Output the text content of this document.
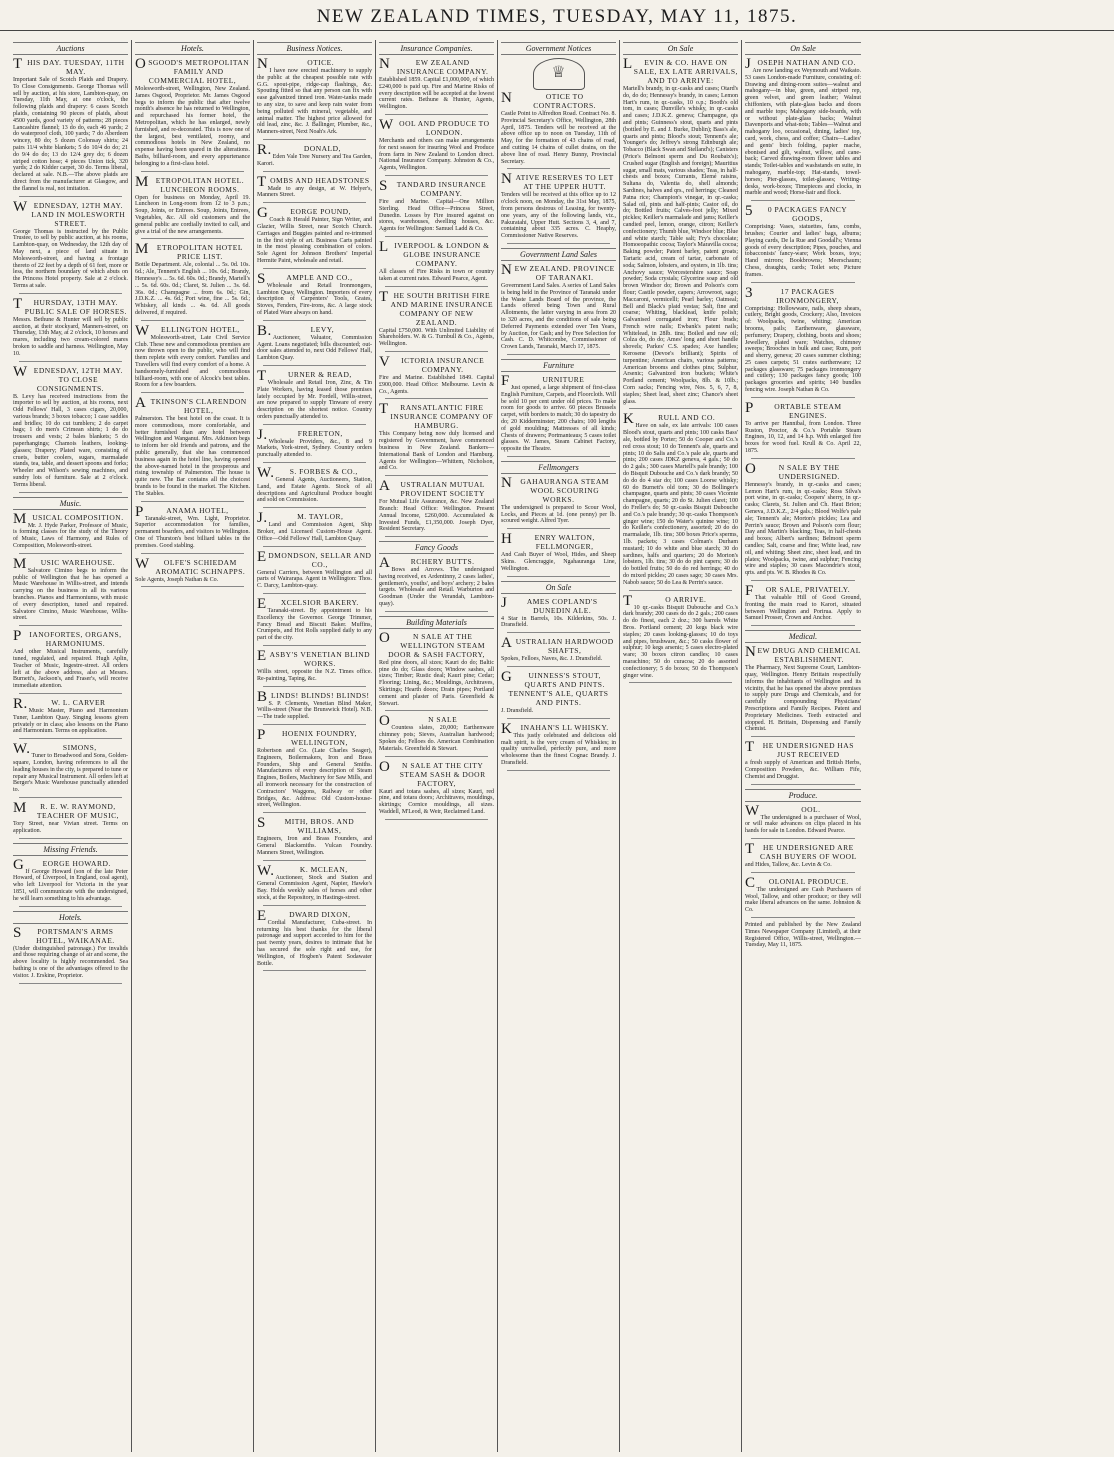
NEW ZEALAND TIMES, TUESDAY, MAY 11, 1875.
Auctions
THIS DAY. TUESDAY, 11TH MAY.
Important Sale of Scotch Plaids and Drapery. To Close Consignments. George Thomas will sell by auction, at his store, Lambton-quay, on Tuesday, 11th May, at one o'clock, the following plaids and drapery: 6 cases Scotch plaids, containing 90 pieces of plaids, about 4500 yards, good variety of patterns; 28 pieces Lancashire flannel; 13 do do, each 46 yards; 2 do waterproof cloth, 100 yards; 7 do Aberdeen wincey, 80 do; 5 dozen Colonsay shirts; 24 pairs 11/4 white blankets; 5 do 10/4 do do; 21 do 9/4 do do; 13 do 12/4 grey do; 6 dozen striped cotton hose; 4 pieces Union tick, 320 yards; 2 do Kidder carpet, 30 do. Terms liberal, declared at sale. N.B.—The above plaids are direct from the manufacturer at Glasgow, and the flannel is real, not imitation.
WEDNESDAY, 12TH MAY. LAND IN MOLESWORTH STREET.
George Thomas is instructed by the Public Trustee, to sell by public auction, at his rooms, Lambton-quay, on Wednesday, the 12th day of May next, a piece of land situate in Molesworth-street, and having a frontage thereto of 22 feet by a depth of 61 feet, more or less, the northern boundary of which abuts on the Princess Hotel property. Sale at 2 o'clock. Terms at sale.
THURSDAY, 13TH MAY. PUBLIC SALE OF HORSES.
Messrs. Bethune & Hunter will sell by public auction, at their stockyard, Manners-street, on Thursday, 13th May, at 2 o'clock, 10 horses and mares, including two cream-colored mares broken to saddle and harness. Wellington, May 10.
WEDNESDAY, 12TH MAY. TO CLOSE CONSIGNMENTS.
B. Levy has received instructions from the importer to sell by auction, at his rooms, next Odd Fellows' Hall, 3 cases cigars, 20,000, various brands; 3 boxes tobacco; 1 case saddles and bridles; 10 do cut tumblers; 2 do carpet bags; 1 do men's Crimean shirts; 1 do do trousers and vests; 2 bales blankets; 5 do paperhangings; Chamois leathers, looking-glasses; Drapery; Plated ware, consisting of cruets, butter coolers, sugars, marmalade stands, tea, table, and dessert spoons and forks; Wheeler and Wilson's sewing machines, and sundry lots of furniture. Sale at 2 o'clock. Terms liberal.
Music.
MUSICAL COMPOSITION.
Mr. J. Hyde Parker, Professor of Music, is forming classes for the study of the Theory of Music, Laws of Harmony, and Rules of Composition, Molesworth-street.
MUSIC WAREHOUSE.
Salvatore Cimino begs to inform the public of Wellington that he has opened a Music Warehouse in Willis-street, and intends carrying on the business in all its various branches. Pianos and Harmoniums, with music of every description, tuned and repaired. Salvatore Cimino, Music Warehouse, Willis-street.
PIANOFORTES, ORGANS, HARMONIUMS.
And other Musical Instruments, carefully tuned, regulated, and repaired. Hugh Aplin, Teacher of Music, Ingestre-street. All orders left at the above address, also at Messrs. Burnett's, Jackson's, and Fraser's, will receive immediate attention.
R.W. L. CARVER
Music Master, Piano and Harmonium Tuner, Lambton Quay. Singing lessons given privately or in class; also lessons on the Piano and Harmonium. Terms on application.
W.SIMONS,
Tuner to Broadwood and Sons, Golden-square, London, having references to all the leading houses in the city, is prepared to tune or repair any Musical Instrument. All orders left at Berger's Music Warehouse punctually attended to.
MR. E. W. RAYMOND, TEACHER OF MUSIC,
Tory Street, near Vivian street. Terms on application.
Missing Friends.
GEORGE HOWARD.
If George Howard (son of the late Peter Howard, of Liverpool, in England, coal agent), who left Liverpool for Victoria in the year 1851, will communicate with the undersigned, he will learn something to his advantage.
Hotels.
SPORTSMAN'S ARMS HOTEL, WAIKANAE.
(Under distinguished patronage.) For invalids and those requiring change of air and scene, the above locality is highly recommended. Sea bathing is one of the advantages offered to the visitor. J. Erskine, Proprietor.
Hotels.
OSGOOD'S METROPOLITAN FAMILY AND COMMERCIAL HOTEL,
Molesworth-street, Wellington, New Zealand. James Osgood, Proprietor. Mr. James Osgood begs to inform the public that after twelve month's absence he has returned to Wellington, and repurchased his former hotel, the Metropolitan, which he has enlarged, newly furnished, and re-decorated. This is now one of the largest, best ventilated, roomy, and commodious hotels in New Zealand, no expense having been spared in the alterations. Baths, billiard-room, and every appurtenance belonging to a first-class hotel.
METROPOLITAN HOTEL. LUNCHEON ROOMS.
Open for business on Monday, April 19. Luncheon in Long-room from 12 to 3 p.m.; Soup, Joints, or Entrees. Soup, Joints, Entrees, Vegetables, &c. All old customers and the general public are cordially invited to call, and give a trial of the new arrangements.
METROPOLITAN HOTEL PRICE LIST.
Bottle Department. Ale, colonial ... 5s. 0d. 10s. 6d.; Ale, Tennent's English ... 10s. 6d.; Brandy, Hennessy's ... 5s. 6d. 60s. 0d.; Brandy, Martell's ... 5s. 6d. 60s. 0d.; Claret, St. Julien ... 3s. 6d. 36s. 0d.; Champagne ... from 6s. 0d.; Gin, J.D.K.Z. ... 4s. 6d.; Port wine, fine ... 5s. 6d.; Whiskey, all kinds ... 4s. 6d. All goods delivered, if required.
WELLINGTON HOTEL,
Molesworth-street, Late Civil Service Club. These new and commodious premises are now thrown open to the public, who will find them replete with every comfort. Families and Travellers will find every comfort of a home. A handsomely-furnished and commodious billiard-room, with one of Alcock's best tables. Room for a few boarders.
ATKINSON'S CLARENDON HOTEL,
Palmerston. The best hotel on the coast. It is more commodious, more comfortable, and better furnished than any hotel between Wellington and Wanganui. Mrs. Atkinson begs to inform her old friends and patrons, and the public generally, that she has commenced business again in the hotel line, having opened the above-named hotel in the prosperous and rising township of Palmerston. The house is quite new. The Bar contains all the choicest brands to be found in the market. The Kitchen. The Stables.
PANAMA HOTEL,
Taranaki-street, Wm. Light, Proprietor. Superior accommodation for families, permanent boarders, and visitors to Wellington. One of Thurston's best billiard tables in the premises. Good stabling.
WOLFE'S SCHIEDAM AROMATIC SCHNAPPS.
Sole Agents, Joseph Nathan & Co.
Business Notices.
NOTICE.
I have now erected machinery to supply the public at the cheapest possible rate with G.G. spout-pipe, ridge-cap flashings, &c. Spouting fitted so that any person can fix with ease galvanized tinned iron. Water-tanks made to any size, to save and keep rain water from being polluted with mineral, vegetable, and animal matter. The highest price allowed for old lead, zinc, &c. J. Ballinger, Plumber, &c., Manners-street, Next Noah's Ark.
R.DONALD,
Eden Vale Tree Nursery and Tea Garden, Karori.
TOMBS AND HEADSTONES
Made to any design, at W. Helyer's, Manners Street.
GEORGE POUND,
Coach & Herald Painter, Sign Writer, and Glazier, Willis Street, near Scotch Church. Carriages and Buggies painted and re-trimmed in the first style of art. Business Carts painted in the most pleasing combination of colors. Sole Agent for Johnson Brothers' Imperial Hermite Paint, wholesale and retail.
SAMPLE AND CO.,
Wholesale and Retail Ironmongers, Lambton Quay, Wellington. Importers of every description of Carpenters' Tools, Grates, Stoves, Fenders, Fire-irons, &c. A large stock of Plated Ware always on hand.
B.LEVY,
Auctioneer, Valuator, Commission Agent. Loans negotiated; bills discounted; out-door sales attended to, next Odd Fellows' Hall, Lambton Quay.
TURNER & READ,
Wholesale and Retail Iron, Zinc, & Tin Plate Workers, having leased those premises lately occupied by Mr. Fordell, Willis-street, are now prepared to supply Tinware of every description on the shortest notice. Country orders punctually attended to.
J.FRERETON,
Wholesale Providers, &c., 8 and 9 Markets, York-street, Sydney. Country orders punctually attended to.
W.S. FORBES & CO.,
General Agents, Auctioneers, Station, Land, and Estate Agents. Stock of all descriptions and Agricultural Produce bought and sold on Commission.
J.M. TAYLOR,
Land and Commission Agent, Ship Broker, and Licensed Custom-House Agent. Office—Odd Fellows' Hall, Lambton Quay.
EDMONDSON, SELLAR AND CO.,
General Carriers, between Wellington and all parts of Wairarapa. Agent in Wellington: Thos. C. Darcy, Lambton-quay.
EXCELSIOR BAKERY.
Taranaki-street. By appointment to his Excellency the Governor. George Trimmer, Fancy Bread and Biscuit Baker. Muffins, Crumpets, and Hot Rolls supplied daily to any part of the city.
EASBY'S VENETIAN BLIND WORKS.
Willis street, opposite the N.Z. Times office. Re-painting, Taping, &c.
BLINDS! BLINDS! BLINDS!
S. P. Clements, Venetian Blind Maker, Willis-street (Near the Brunswick Hotel). N.B.—The trade supplied.
PHOENIX FOUNDRY, WELLINGTON,
Robertson and Co. (Late Charles Seager), Engineers, Boilermakers, Iron and Brass Founders, Ship and General Smiths. Manufacturers of every description of Steam Engines, Boilers, Machinery for Saw Mills, and all ironwork necessary for the construction of Contractors' Waggons, Railway or other Bridges, &c. Address: Old Custom-house-street, Wellington.
SMITH, BROS. AND WILLIAMS,
Engineers, Iron and Brass Founders, and General Blacksmiths. Vulcan Foundry. Manners Street, Wellington.
W.K. MCLEAN,
Auctioneer, Stock and Station and General Commission Agent, Napier, Hawke's Bay. Holds weekly sales of horses and other stock, at the Repository, in Hastings-street.
EDWARD DIXON,
Cordial Manufacturer, Cuba-street. In returning his best thanks for the liberal patronage and support accorded to him for the past twenty years, desires to intimate that he has secured the sole right and use, for Wellington, of Hogben's Patent Sodawater Bottle.
Insurance Companies.
NEW ZEALAND INSURANCE COMPANY.
Established 1859. Capital £1,000,000, of which £240,000 is paid up. Fire and Marine Risks of every description will be accepted at the lowest current rates. Bethune & Hunter, Agents, Wellington.
WOOL AND PRODUCE TO LONDON.
Merchants and others can make arrangements for next season for insuring Wool and Produce from farm in New Zealand to London direct. National Insurance Company. Johnston & Co., Agents, Wellington.
STANDARD INSURANCE COMPANY.
Fire and Marine. Capital—One Million Sterling. Head Office—Princess Street, Dunedin. Losses by Fire insured against on stores, warehouses, dwelling houses, &c. Agents for Wellington: Samuel Ladd & Co.
LIVERPOOL & LONDON & GLOBE INSURANCE COMPANY.
All classes of Fire Risks in town or country taken at current rates. Edward Pearce, Agent.
THE SOUTH BRITISH FIRE AND MARINE INSURANCE COMPANY OF NEW ZEALAND.
Capital £750,000. With Unlimited Liability of Shareholders. W. & G. Turnbull & Co., Agents, Wellington.
VICTORIA INSURANCE COMPANY.
Fire and Marine. Established 1849. Capital £900,000. Head Office: Melbourne. Levin & Co., Agents.
TRANSATLANTIC FIRE INSURANCE COMPANY OF HAMBURG.
This Company being now duly licensed and registered by Government, have commenced business in New Zealand. Bankers—International Bank of London and Hamburg. Agents for Wellington—Whittem, Nicholson, and Co.
AUSTRALIAN MUTUAL PROVIDENT SOCIETY
For Mutual Life Assurance, &c. New Zealand Branch: Head Office: Wellington. Present Annual Income, £260,000. Accumulated & Invested Funds, £1,350,000. Joseph Dyer, Resident Secretary.
Fancy Goods
ARCHERY BUTTS.
Bows and Arrows. The undersigned having received, ex Ardentinny, 2 cases ladies', gentlemen's, youths', and boys' archery; 2 bales targets. Wholesale and Retail. Warburton and Goodman (Under the Verandah, Lambton-quay).
Building Materials
ON SALE AT THE WELLINGTON STEAM DOOR & SASH FACTORY,
Red pine doors, all sizes; Kauri do do; Baltic pine do do; Glass doors; Window sashes, all sizes; Timber; Rustic deal; Kauri pine; Cedar; Flooring; Lining, &c.; Mouldings, Architraves, Skirtings; Hearth doors; Drain pipes; Portland cement and plaster of Paris. Greenfield & Stewart.
ON SALE
Countess slates, 20,000; Earthenware chimney pots; Sieves, Australian hardwood; Spokes do; Felloes do. American Combination Materials. Greenfield & Stewart.
ON SALE AT THE CITY STEAM SASH & DOOR FACTORY,
Kauri and totara sashes, all sizes; Kauri, red pine, and totara doors; Architraves, mouldings, skirtings; Cornice mouldings, all sizes. Waddell, M'Leod, & Weir, Reclaimed Land.
Government Notices
♕
NOTICE TO CONTRACTORS.
Castle Point to Alfredton Road. Contract No. 8. Provincial Secretary's Office, Wellington, 28th April, 1875. Tenders will be received at the above office up to noon on Tuesday, 11th of May, for the formation of 43 chains of road, and cutting 14 chains of cullet drains, on the above line of road. Henry Bunny, Provincial Secretary.
NATIVE RESERVES TO LET AT THE UPPER HUTT.
Tenders will be received at this office up to 12 o'clock noon, on Monday, the 31st May, 1875, from persons desirous of Leasing, for twenty-one years, any of the following lands, viz., Pakuratahi, Upper Hutt. Sections 3, 4, and 7, containing about 335 acres. C. Heaphy, Commissioner Native Reserves.
Government Land Sales
NEW ZEALAND. PROVINCE OF TARANAKI.
Government Land Sales. A series of Land Sales is being held in the Province of Taranaki under the Waste Lands Board of the province, the Lands offered being Town and Rural Allotments, the latter varying in area from 20 to 320 acres, and the conditions of sale being Deferred Payments extended over Ten Years, by Auction, for Cash; and by Free Selection for Cash. C. D. Whitcombe, Commissioner of Crown Lands, Taranaki, March 17, 1875.
Furniture
FURNITURE
Just opened, a large shipment of first-class English Furniture, Carpets, and Floorcloth. Will be sold 10 per cent under old prices. To make room for goods to arrive. 60 pieces Brussels carpet, with borders to match; 30 do tapestry do do; 20 Kidderminster; 200 chairs; 100 lengths of gold moulding; Mattresses of all kinds; Chests of drawers; Portmanteaus; 5 cases toilet glasses. W. James, Steam Cabinet Factory, opposite the Theatre.
Fellmongers
NGAHAURANGA STEAM WOOL SCOURING WORKS.
The undersigned is prepared to Scour Wool, Locks, and Pieces at 1d. (one penny) per lb. scoured weight. Alfred Tyer.
HENRY WALTON, FELLMONGER,
And Cash Buyer of Wool, Hides, and Sheep Skins. Glencraggie, Ngahauranga Line, Wellington.
On Sale
JAMES COPLAND'S DUNEDIN ALE.
4 Star in Barrels, 10s. Kilderkins, 50s. J. Dransfield.
AUSTRALIAN HARDWOOD SHAFTS,
Spokes, Felloes, Naves, &c. J. Dransfield.
GUINNESS'S STOUT, QUARTS AND PINTS. TENNENT'S ALE, QUARTS AND PINTS.
J. Dransfield.
KINAHAN'S LL WHISKY.
This justly celebrated and delicious old malt spirit, is the very cream of Whiskies; in quality unrivalled, perfectly pure, and more wholesome than the finest Cognac Brandy. J. Dransfield.
On Sale
LEVIN & CO. HAVE ON SALE, EX LATE ARRIVALS, AND TO ARRIVE:
Martell's brandy, in qr.-casks and cases; Otard's do, do do; Hennessy's brandy, in cases; Lemon Hart's rum, in qr.-casks, 10 o.p.; Booth's old tom, in cases; Dunville's whisky, in qr.-casks and cases; J.D.K.Z. geneva; Champagne, qts and pints; Guinness's stout, quarts and pints (bottled by E. and J. Burke, Dublin); Bass's ale, quarts and pints; Blood's stout; Tennent's ale; Younger's do; Jeffrey's strong Edinburgh ale; Tobacco (Black Swan and Stelland's); Canisters (Price's Belmont sperm and Du Roubaix's); Crushed sugar (English and foreign); Mauritius sugar, small mats, various shades; Teas, in half-chests and boxes; Currants, Elemé raisins, Sultana do, Valentia do, shell almonds; Sardines, halves and qrs., red herrings; Cleaned Patna rice; Champion's vinegar, in qr.-casks; Salad oil, pints and half-pints; Castor oil, do do; Bottled fruits; Calves-foot jelly; Mixed pickles; Keiller's marmalade and jams; Keiller's candied peel, lemon, orange, citron; Keiller's confectionery; Thumb blue, Windsor blue; Blue and white starch; Table salt; Fry's chocolate; Homoeopathic cocoa; Taylor's Maravilla cocoa; Baking powder; Patent barley, patent groats; Tartaric acid, cream of tartar, carbonate of soda; Salmon, lobsters, and oysters, in 1lb. tins; Anchovy sauce; Worcestershire sauce; Soap powder; Soda crystals; Glycerine soap and old brown Windsor do; Brown and Polson's corn flour; Castile powder, capers; Arrowroot, sago; Maccaroni, vermicelli; Pearl barley; Oatmeal; Bell and Black's plaid vestas; Salt, fine and coarse; Whiting, blacklead, knife polish; Galvanised corrugated iron; Flour brads; French wire nails; Ewbank's patent nails; Whitelead, in 28lb. tins; Boiled and raw oil; Colza do, do do; Ames' long and short handle shovels; Parkes' C.S. spades; Axe handles; Kerosene (Devoe's brilliant); Spirits of turpentine; American chairs, various patterns; American brooms and clothes pins; Sulphur, Arsenic; Galvanized iron buckets; White's Portland cement; Woolpacks, 8lb. & 10lb.; Corn sacks; Fencing wire, Nos. 5, 6, 7, 8, staples; Sheet lead, sheet zinc; Chance's sheet glass.
KRULL AND CO.
Have on sale, ex late arrivals: 100 cases Blood's stout, quarts and pints; 100 casks Bass' ale, bottled by Porter; 50 do Cooper and Co.'s red cross stout; 10 do Tennent's ale, quarts and pints; 10 do Salis and Co.'s pale ale, quarts and pints; 200 cases JDKZ geneva, 4 gals.; 50 do do 2 gals.; 300 cases Martell's pale brandy; 100 do Bisquit Dubouche and Co.'s dark brandy; 50 do do do 4 star do; 100 cases Loorse whisky; 60 do Burnett's old tom; 30 do Bollinger's champagne, quarts and pints; 30 cases Vicomte champagne, quarts; 20 do St. Julien claret; 100 do Freller's do; 50 qr.-casks Bisquit Dubouche and Co.'s pale brandy; 30 qr.-casks Thompson's ginger wine; 150 do Water's quinine wine; 10 do Keiller's confectionery, assorted; 20 do do marmalade, 1lb. tins; 300 boxes Price's sperms, 1lb. packets; 3 cases Colman's Durham mustard; 10 do white and blue starch; 30 do sardines, halfs and quarters; 20 do Morton's lobsters, 1lb. tins; 30 do do pint capers; 30 do do bottled fruits; 50 do do red herrings; 40 do do mixed pickles; 20 cases sago; 30 cases Mrs. Nabob sauce; 50 do Lea & Perrin's sauce.
TO ARRIVE.
10 qr.-casks Bisquit Dubouche and Co.'s dark brandy; 200 cases do do 2 gals.; 200 cases do do finest, each 2 doz.; 300 barrels White Bros. Portland cement; 20 kegs black wire staples; 20 cases looking-glasses; 10 do toys and pipes, brushware, &c.; 50 casks flower of sulphur; 10 kegs arsenic; 5 cases electro-plated ware; 30 boxes citron candles; 10 cases marachino; 50 do curacoa; 20 do assorted confectionery; 5 do boxes; 50 do Thompson's ginger wine.
On Sale
JOSEPH NATHAN AND CO.
Are now landing ex Weymouth and Waikato. 53 cases London-made Furniture, consisting of: Drawing and dining-room suites—walnut and mahogany—in blue, green, and striped rep, green velvet, and green leather; Walnut chiffoniers, with plate-glass backs and doors and marble tops; Mahogany side-boards, with or without plate-glass backs; Walnut Davenports and what-nots; Tables—Walnut and mahogany loo, occasional, dining, ladies' top, card, work, chess, and coffee; Chairs—Ladies' and gents' birch folding, papier mache, ebonised and gilt, walnut, willow, and cane-back; Carved drawing-room flower tables and stands; Toilet-tables and washstands en suite, in mahogany, marble-top; Hat-stands, towel-horses; Pier-glasses, toilet-glasses; Writing-desks, work-boxes; Timepieces and clocks, in marble and wood; Horse-hair and flock.
50 PACKAGES FANCY GOODS,
Comprising: Vases, statuettes, fans, combs, brushes; Courier and ladies' bags, albums; Playing cards, De la Rue and Goodall's; Vienna goods of every description; Pipes, pouches, and tobacconists' fancy-ware; Work boxes, toys; Hand mirrors; Bookbrowns; Meerschaum; Chess, draughts, cards; Toilet sets; Picture frames.
317 PACKAGES IRONMONGERY,
Comprising: Hollowware, nails, sheep shears, cutlery, Bright goods, Crockery; Also, Invoices of: Woolpacks, twine, whiting; American brooms, pails; Earthenware, glassware, perfumery; Drapery, clothing, boots and shoes; Jewellery, plated ware; Watches, chimney sweeps; Brooches in bulk and case; Rum, port and sherry, geneva; 20 cases summer clothing; 25 cases carpets; 51 crates earthenware; 12 packages glassware; 75 packages ironmongery and cutlery; 130 packages fancy goods; 100 packages groceries and spirits; 140 bundles fencing wire. Joseph Nathan & Co.
PORTABLE STEAM ENGINES.
To arrive per Hannibal, from London. Three Ruston, Proctor, & Co.'s Portable Steam Engines, 10, 12, and 14 h.p. With enlarged fire boxes for wood fuel. Krull & Co. April 22, 1875.
ON SALE BY THE UNDERSIGNED.
Hennessy's brandy, in qr.-casks and cases; Lemon Hart's rum, in qr.-casks; Ross Silva's port wine, in qr.-casks; Coopers' sherry, in qr.-casks; Clarets, St. Julien and Ch. Haut Brion; Geneva, J.D.K.Z., 2/4 gals.; Blood Wolfe's pale ale; Tennent's ale; Morton's pickles; Lea and Perrin's sauce; Brown and Polson's corn flour; Day and Martin's blacking; Teas, in half-chests and boxes; Albert's sardines; Belmont sperm candles; Salt, coarse and fine; White lead, raw oil, and whiting; Sheet zinc, sheet lead, and tin plates; Woolpacks, twine, and sulphur; Fencing wire and staples; 30 cases Macondrie's stout, qrts. and pts. W. B. Rhodes & Co.
FOR SALE, PRIVATELY.
That valuable Hill of Good Ground, fronting the main road to Karori, situated between Wellington and Porirua. Apply to Samuel Prosser, Crown and Anchor.
Medical.
NEW DRUG AND CHEMICAL ESTABLISHMENT.
The Pharmacy, Next Supreme Court, Lambton-quay, Wellington. Henry Brittain respectfully informs the inhabitants of Wellington and its vicinity, that he has opened the above premises to supply pure Drugs and Chemicals, and for carefully compounding Physicians' Prescriptions and Family Recipes. Patent and Proprietary Medicines. Teeth extracted and stopped. H. Brittain, Dispensing and Family Chemist.
THE UNDERSIGNED HAS JUST RECEIVED
a fresh supply of American and British Herbs, Composition Powders, &c. William Fife, Chemist and Druggist.
Produce.
WOOL.
The undersigned is a purchaser of Wool, or will make advances on clips placed in his hands for sale in London. Edward Pearce.
THE UNDERSIGNED ARE CASH BUYERS OF WOOL
and Hides, Tallow, &c. Levin & Co.
COLONIAL PRODUCE.
The undersigned are Cash Purchasers of Wool, Tallow, and other produce; or they will make liberal advances on the same. Johnston & Co.
Printed and published by the New Zealand Times Newspaper Company (Limited), at their Registered Office, Willis-street, Wellington.—Tuesday, May 11, 1875.
